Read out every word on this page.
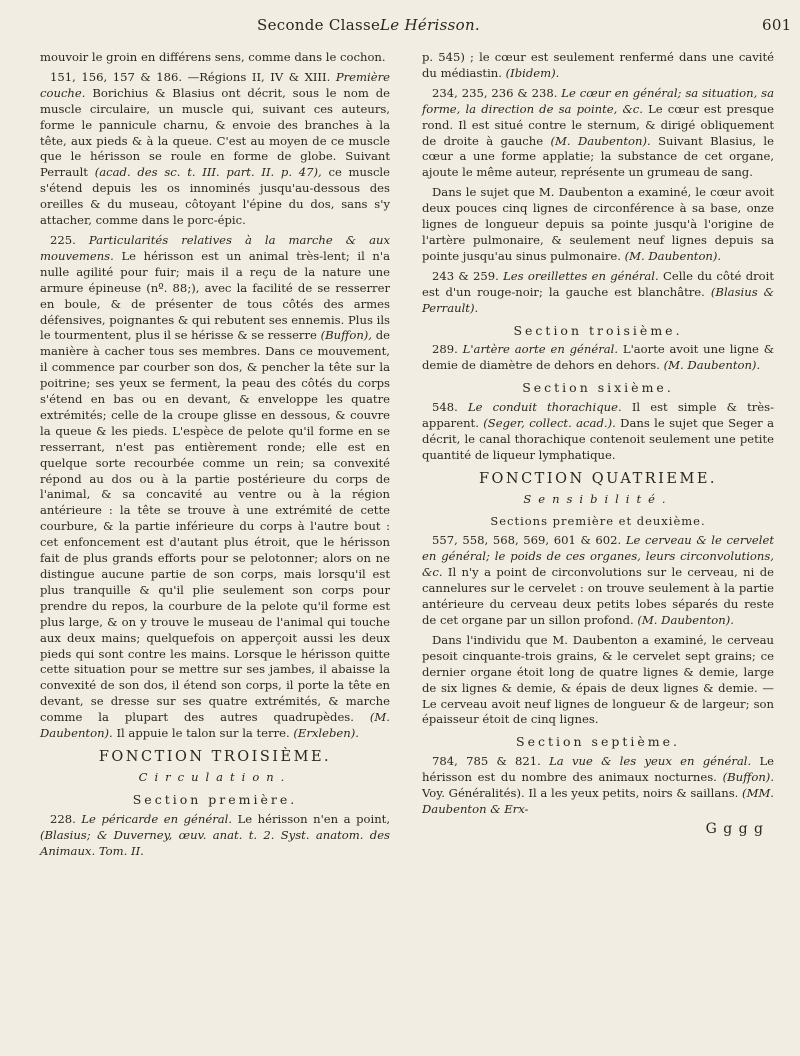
Seconde Classe.
Le Hérisson.	601

mouvoir le groin en différens sens, comme dans le cochon.

151, 156, 157 & 186. —Régions II, IV & XIII. Première couche. Borichius & Blasius ont décrit, sous le nom de muscle circulaire, un muscle qui, suivant ces auteurs, forme le pannicule charnu, & envoie des branches à la tête, aux pieds & à la queue. C'est au moyen de ce muscle que le hérisson se roule en forme de globe. Suivant Perrault (acad. des sc. t. III. part. II. p. 47), ce muscle s'étend depuis les os innominés jusqu'au-dessous des oreilles & du museau, côtoyant l'épine du dos, sans s'y attacher, comme dans le porc-épic.

225. Particularités relatives à la marche & aux mouvemens. Le hérisson est un animal très-lent; il n'a nulle agilité pour fuir; mais il a reçu de la nature une armure épineuse (nº. 88;), avec la facilité de se resserrer en boule, & de présenter de tous côtés des armes défensives, poignantes & qui rebutent ses ennemis. Plus ils le tourmentent, plus il se hérisse & se resserre (Buffon), de manière à cacher tous ses membres. Dans ce mouvement, il commence par courber son dos, & pencher la tête sur la poitrine; ses yeux se ferment, la peau des côtés du corps s'étend en bas ou en devant, & enveloppe les quatre extrémités; celle de la croupe glisse en dessous, & couvre la queue & les pieds. L'espèce de pelote qu'il forme en se resserrant, n'est pas entièrement ronde; elle est en quelque sorte recourbée comme un rein; sa convexité répond au dos ou à la partie postérieure du corps de l'animal, & sa concavité au ventre ou à la région antérieure : la tête se trouve à une extrémité de cette courbure, & la partie inférieure du corps à l'autre bout : cet enfoncement est d'autant plus étroit, que le hérisson fait de plus grands efforts pour se pelotonner; alors on ne distingue aucune partie de son corps, mais lorsqu'il est plus tranquille & qu'il plie seulement son corps pour prendre du repos, la courbure de la pelote qu'il forme est plus large, & on y trouve le museau de l'animal qui touche aux deux mains; quelquefois on apperçoit aussi les deux pieds qui sont contre les mains. Lorsque le hérisson quitte cette situation pour se mettre sur ses jambes, il abaisse la convexité de son dos, il étend son corps, il porte la tête en devant, se dresse sur ses quatre extrémités, & marche comme la plupart des autres quadrupèdes. (M. Daubenton). Il appuie le talon sur la terre. (Erxleben).

FONCTION TROISIÈME.
Circulation.
Section première.

228. Le péricarde en général. Le hérisson n'en a point, (Blasius; & Duverney, œuv. anat. t. 2. Syst. anatom. des Animaux. Tom. II.

p. 545) ; le cœur est seulement renfermé dans une cavité du médiastin. (Ibidem).

234, 235, 236 & 238. Le cœur en général; sa situation, sa forme, la direction de sa pointe, &c. Le cœur est presque rond. Il est situé contre le sternum, & dirigé obliquement de droite à gauche (M. Daubenton). Suivant Blasius, le cœur a une forme applatie; la substance de cet organe, ajoute le même auteur, représente un grumeau de sang.

Dans le sujet que M. Daubenton a examiné, le cœur avoit deux pouces cinq lignes de circonférence à sa base, onze lignes de longueur depuis sa pointe jusqu'à l'origine de l'artère pulmonaire, & seulement neuf lignes depuis sa pointe jusqu'au sinus pulmonaire. (M. Daubenton).

243 & 259. Les oreillettes en général. Celle du côté droit est d'un rouge-noir; la gauche est blanchâtre. (Blasius & Perrault).

Section troisième.

289. L'artère aorte en général. L'aorte avoit une ligne & demie de diamètre de dehors en dehors. (M. Daubenton).

Section sixième.

548. Le conduit thorachique. Il est simple & très-apparent. (Seger, collect. acad.). Dans le sujet que Seger a décrit, le canal thorachique contenoit seulement une petite quantité de liqueur lymphatique.

FONCTION QUATRIEME.
Sensibilité.
Sections première et deuxième.

557, 558, 568, 569, 601 & 602. Le cerveau & le cervelet en général; le poids de ces organes, leurs circonvolutions, &c. Il n'y a point de circonvolutions sur le cerveau, ni de cannelures sur le cervelet : on trouve seulement à la partie antérieure du cerveau deux petits lobes séparés du reste de cet organe par un sillon profond. (M. Daubenton).

Dans l'individu que M. Daubenton a examiné, le cerveau pesoit cinquante-trois grains, & le cervelet sept grains; ce dernier organe étoit long de quatre lignes & demie, large de six lignes & demie, & épais de deux lignes & demie. — Le cerveau avoit neuf lignes de longueur & de largeur; son épaisseur étoit de cinq lignes.

Section septième.

784, 785 & 821. La vue & les yeux en général. Le hérisson est du nombre des animaux nocturnes. (Buffon). Voy. Généralités). Il a les yeux petits, noirs & saillans. (MM. Daubenton & Erx-

G g g g
